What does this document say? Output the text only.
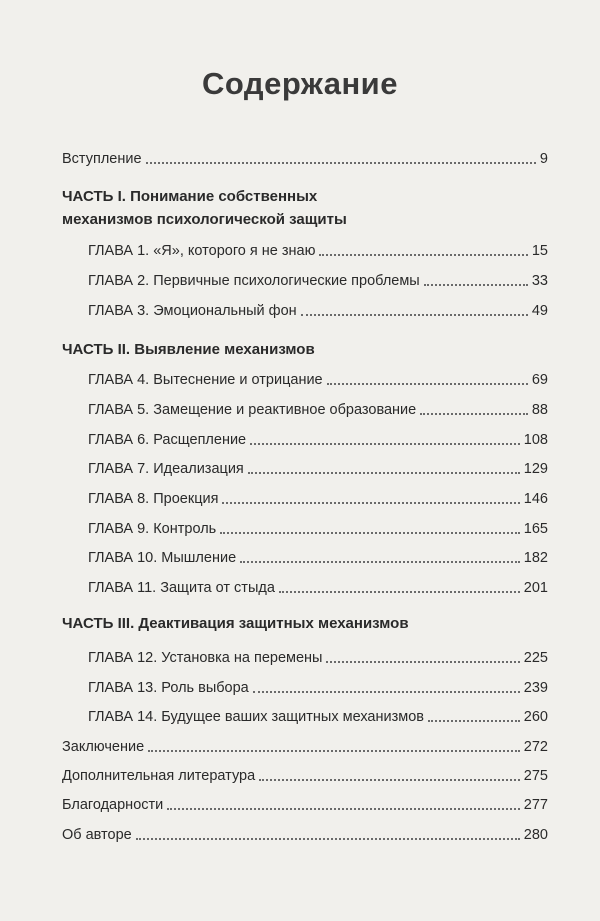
Содержание
Вступление	9
ЧАСТЬ I. Понимание собственных
механизмов психологической защиты
ГЛАВА 1. «Я», которого я не знаю	15
ГЛАВА 2. Первичные психологические проблемы	33
ГЛАВА 3. Эмоциональный фон	49
ЧАСТЬ II. Выявление механизмов
ГЛАВА 4. Вытеснение и отрицание	69
ГЛАВА 5. Замещение и реактивное образование	88
ГЛАВА 6. Расщепление	108
ГЛАВА 7. Идеализация	129
ГЛАВА 8. Проекция	146
ГЛАВА 9. Контроль	165
ГЛАВА 10. Мышление	182
ГЛАВА 11. Защита от стыда	201
ЧАСТЬ III. Деактивация защитных механизмов
ГЛАВА 12. Установка на перемены	225
ГЛАВА 13. Роль выбора	239
ГЛАВА 14. Будущее ваших защитных механизмов	260
Заключение	272
Дополнительная литература	275
Благодарности	277
Об авторе	280
